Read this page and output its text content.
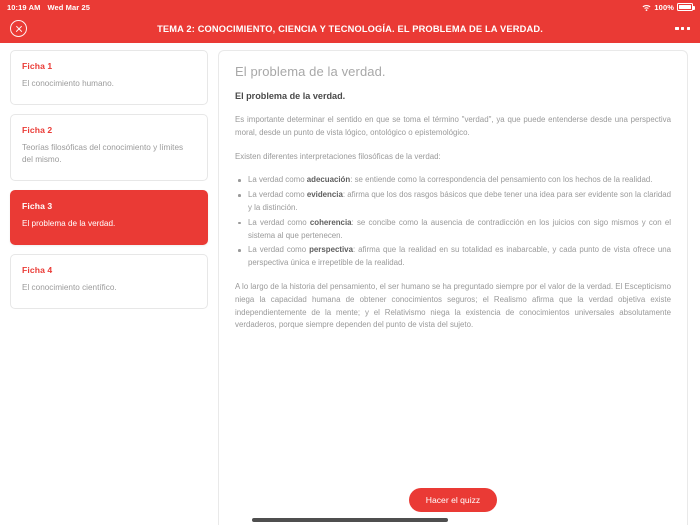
10:19 AM Wed Mar 25	100%
TEMA 2: CONOCIMIENTO, CIENCIA Y TECNOLOGÍA. EL PROBLEMA DE LA VERDAD.
Ficha 1
El conocimiento humano.
Ficha 2
Teorías filosóficas del conocimiento y límites del mismo.
Ficha 3
El problema de la verdad.
Ficha 4
El conocimiento científico.
El problema de la verdad.
El problema de la verdad.

Es importante determinar el sentido en que se toma el término "verdad", ya que puede entenderse desde una perspectiva moral, desde un punto de vista lógico, ontológico o epistemológico.

Existen diferentes interpretaciones filosóficas de la verdad:

La verdad como adecuación: se entiende como la correspondencia del pensamiento con los hechos de la realidad.
La verdad como evidencia: afirma que los dos rasgos básicos que debe tener una idea para ser evidente son la claridad y la distinción.
La verdad como coherencia: se concibe como la ausencia de contradicción en los juicios con sigo mismos y con el sistema al que pertenecen.
La verdad como perspectiva: afirma que la realidad en su totalidad es inabarcable, y cada punto de vista ofrece una perspectiva única e irrepetible de la realidad.

A lo largo de la historia del pensamiento, el ser humano se ha preguntado siempre por el valor de la verdad. El Escepticismo niega la capacidad humana de obtener conocimientos seguros; el Realismo afirma que la verdad objetiva existe independientemente de la mente; y el Relativismo niega la existencia de conocimientos universales absolutamente verdaderos, porque siempre dependen del punto de vista del sujeto.

Hacer el quizz
